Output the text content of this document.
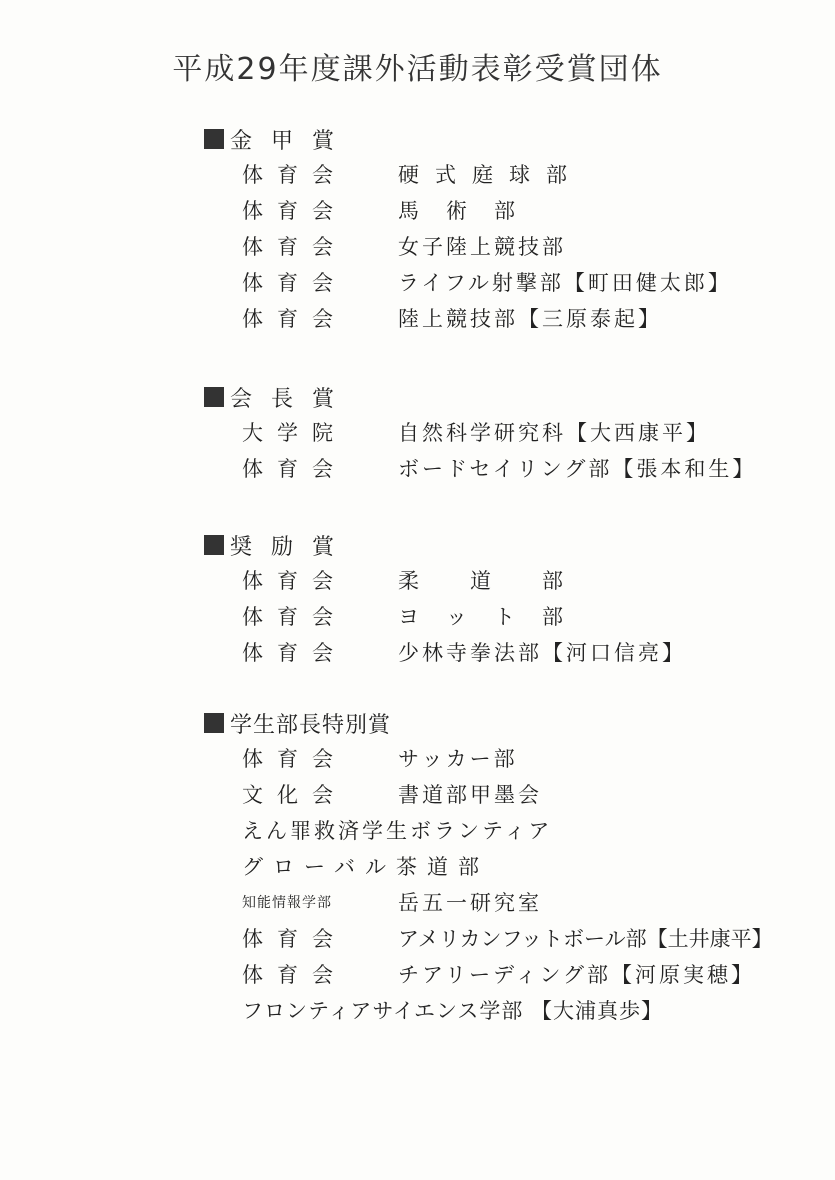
平成29年度課外活動表彰受賞団体
金 甲 賞
体育会	硬式庭球部
体育会	馬　術　部
体育会	女子陸上競技部
体育会	ライフル射撃部【町田健太郎】
体育会	陸上競技部【三原泰起】
会 長 賞
大学院	自然科学研究科【大西康平】
体育会	ボードセイリング部【張本和生】
奨 励 賞
体育会	柔　　道　　部
体育会	ヨ　ッ　ト　部
体育会	少林寺拳法部【河口信亮】
学生部長特別賞
体育会	サッカー部
文化会	書道部甲墨会
えん罪救済学生ボランティア
グローバル茶道部
知能情報学部	岳五一研究室
体育会	アメリカンフットボール部【土井康平】
体育会	チアリーディング部【河原実穂】
フロンティアサイエンス学部 【大浦真歩】
